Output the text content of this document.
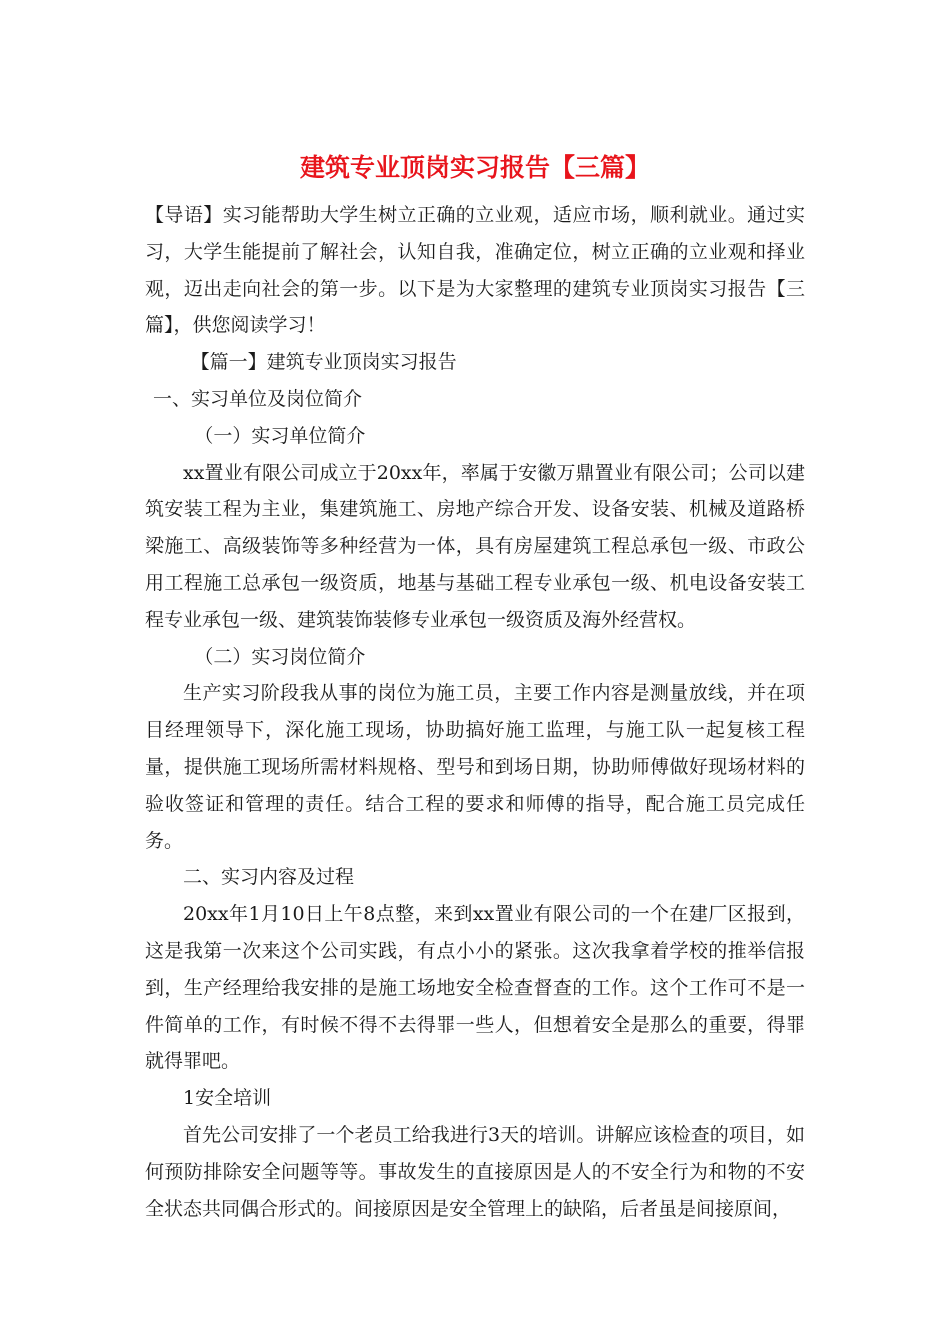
建筑专业顶岗实习报告【三篇】

【导语】实习能帮助大学生树立正确的立业观，适应市场，顺利就业。通过实习，大学生能提前了解社会，认知自我，准确定位，树立正确的立业观和择业观，迈出走向社会的第一步。以下是为大家整理的建筑专业顶岗实习报告【三篇】，供您阅读学习！

【篇一】建筑专业顶岗实习报告

一、实习单位及岗位简介

（一）实习单位简介

xx置业有限公司成立于20xx年，率属于安徽万鼎置业有限公司；公司以建筑安装工程为主业，集建筑施工、房地产综合开发、设备安装、机械及道路桥梁施工、高级装饰等多种经营为一体，具有房屋建筑工程总承包一级、市政公用工程施工总承包一级资质，地基与基础工程专业承包一级、机电设备安装工程专业承包一级、建筑装饰装修专业承包一级资质及海外经营权。

（二）实习岗位简介

生产实习阶段我从事的岗位为施工员，主要工作内容是测量放线，并在项目经理领导下，深化施工现场，协助搞好施工监理，与施工队一起复核工程量，提供施工现场所需材料规格、型号和到场日期，协助师傅做好现场材料的验收签证和管理的责任。结合工程的要求和师傅的指导，配合施工员完成任务。

二、实习内容及过程

20xx年1月10日上午8点整，来到xx置业有限公司的一个在建厂区报到，这是我第一次来这个公司实践，有点小小的紧张。这次我拿着学校的推举信报到，生产经理给我安排的是施工场地安全检查督查的工作。这个工作可不是一件简单的工作，有时候不得不去得罪一些人，但想着安全是那么的重要，得罪就得罪吧。

1安全培训

首先公司安排了一个老员工给我进行3天的培训。讲解应该检查的项目，如何预防排除安全问题等等。事故发生的直接原因是人的不安全行为和物的不安全状态共同偶合形式的。间接原因是安全管理上的缺陷，后者虽是间接原间，
